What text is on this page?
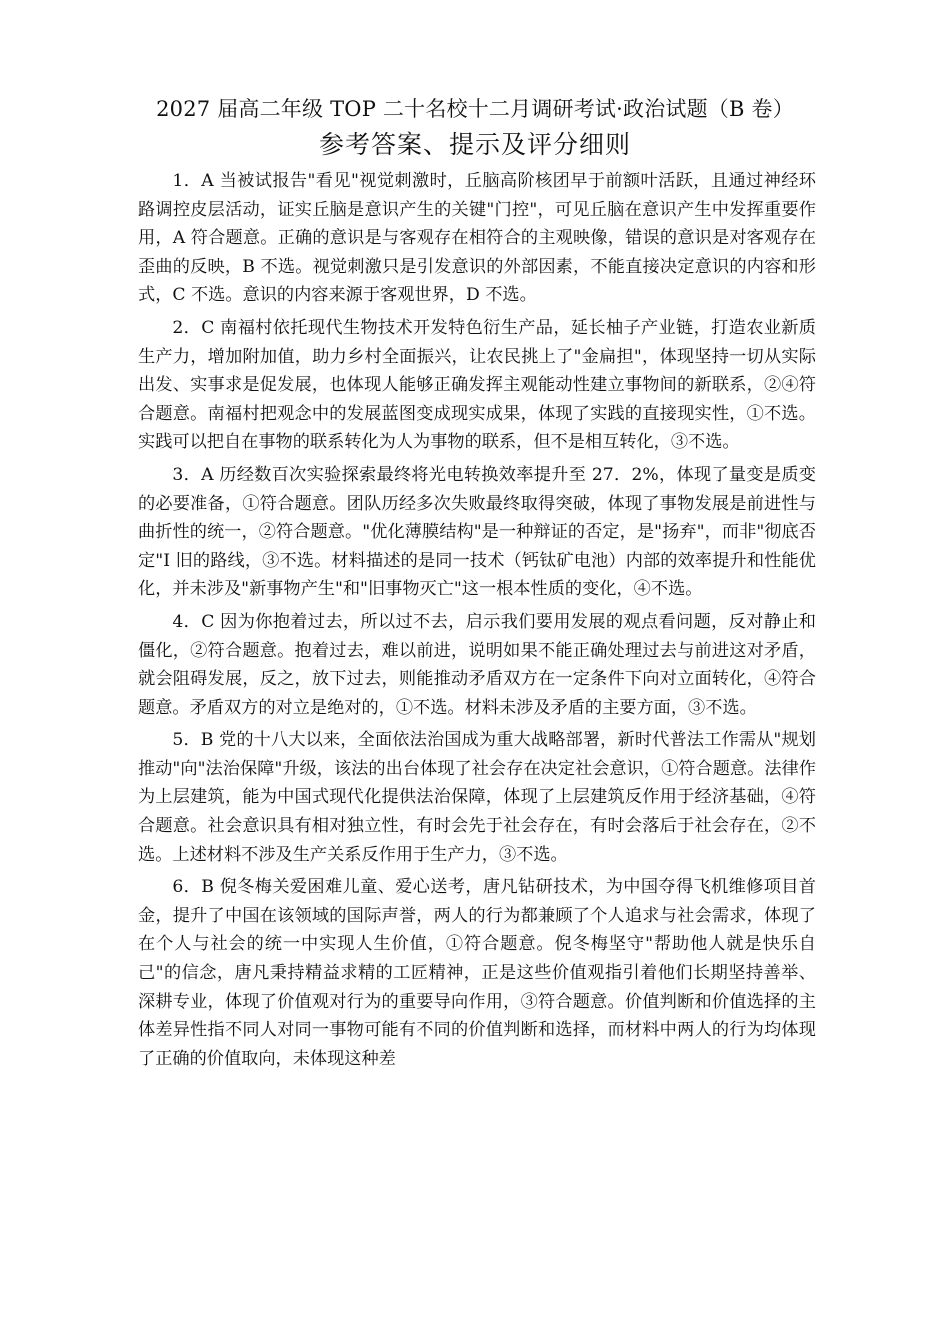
2027 届高二年级 TOP 二十名校十二月调研考试·政治试题（B 卷）
参考答案、提示及评分细则

1．A 当被试报告"看见"视觉刺激时，丘脑高阶核团早于前额叶活跃，且通过神经环路调控皮层活动，证实丘脑是意识产生的关键"门控"，可见丘脑在意识产生中发挥重要作用，A 符合题意。正确的意识是与客观存在相符合的主观映像，错误的意识是对客观存在歪曲的反映，B 不选。视觉刺激只是引发意识的外部因素，不能直接决定意识的内容和形式，C 不选。意识的内容来源于客观世界，D 不选。

2．C 南福村依托现代生物技术开发特色衍生产品，延长柚子产业链，打造农业新质生产力，增加附加值，助力乡村全面振兴，让农民挑上了"金扁担"，体现坚持一切从实际出发、实事求是促发展，也体现人能够正确发挥主观能动性建立事物间的新联系，②④符合题意。南福村把观念中的发展蓝图变成现实成果，体现了实践的直接现实性，①不选。实践可以把自在事物的联系转化为人为事物的联系，但不是相互转化，③不选。

3．A 历经数百次实验探索最终将光电转换效率提升至 27．2%，体现了量变是质变的必要准备，①符合题意。团队历经多次失败最终取得突破，体现了事物发展是前进性与曲折性的统一，②符合题意。"优化薄膜结构"是一种辩证的否定，是"扬弃"，而非"彻底否定"I 旧的路线，③不选。材料描述的是同一技术（钙钛矿电池）内部的效率提升和性能优化，并未涉及"新事物产生"和"旧事物灭亡"这一根本性质的变化，④不选。

4．C 因为你抱着过去，所以过不去，启示我们要用发展的观点看问题，反对静止和僵化，②符合题意。抱着过去，难以前进，说明如果不能正确处理过去与前进这对矛盾，就会阻碍发展，反之，放下过去，则能推动矛盾双方在一定条件下向对立面转化，④符合题意。矛盾双方的对立是绝对的，①不选。材料未涉及矛盾的主要方面，③不选。

5．B 党的十八大以来，全面依法治国成为重大战略部署，新时代普法工作需从"规划推动"向"法治保障"升级，该法的出台体现了社会存在决定社会意识，①符合题意。法律作为上层建筑，能为中国式现代化提供法治保障，体现了上层建筑反作用于经济基础，④符合题意。社会意识具有相对独立性，有时会先于社会存在，有时会落后于社会存在，②不选。上述材料不涉及生产关系反作用于生产力，③不选。

6．B 倪冬梅关爱困难儿童、爱心送考，唐凡钻研技术，为中国夺得飞机维修项目首金，提升了中国在该领域的国际声誉，两人的行为都兼顾了个人追求与社会需求，体现了在个人与社会的统一中实现人生价值，①符合题意。倪冬梅坚守"帮助他人就是快乐自己"的信念，唐凡秉持精益求精的工匠精神，正是这些价值观指引着他们长期坚持善举、深耕专业，体现了价值观对行为的重要导向作用，③符合题意。价值判断和价值选择的主体差异性指不同人对同一事物可能有不同的价值判断和选择，而材料中两人的行为均体现了正确的价值取向，未体现这种差
